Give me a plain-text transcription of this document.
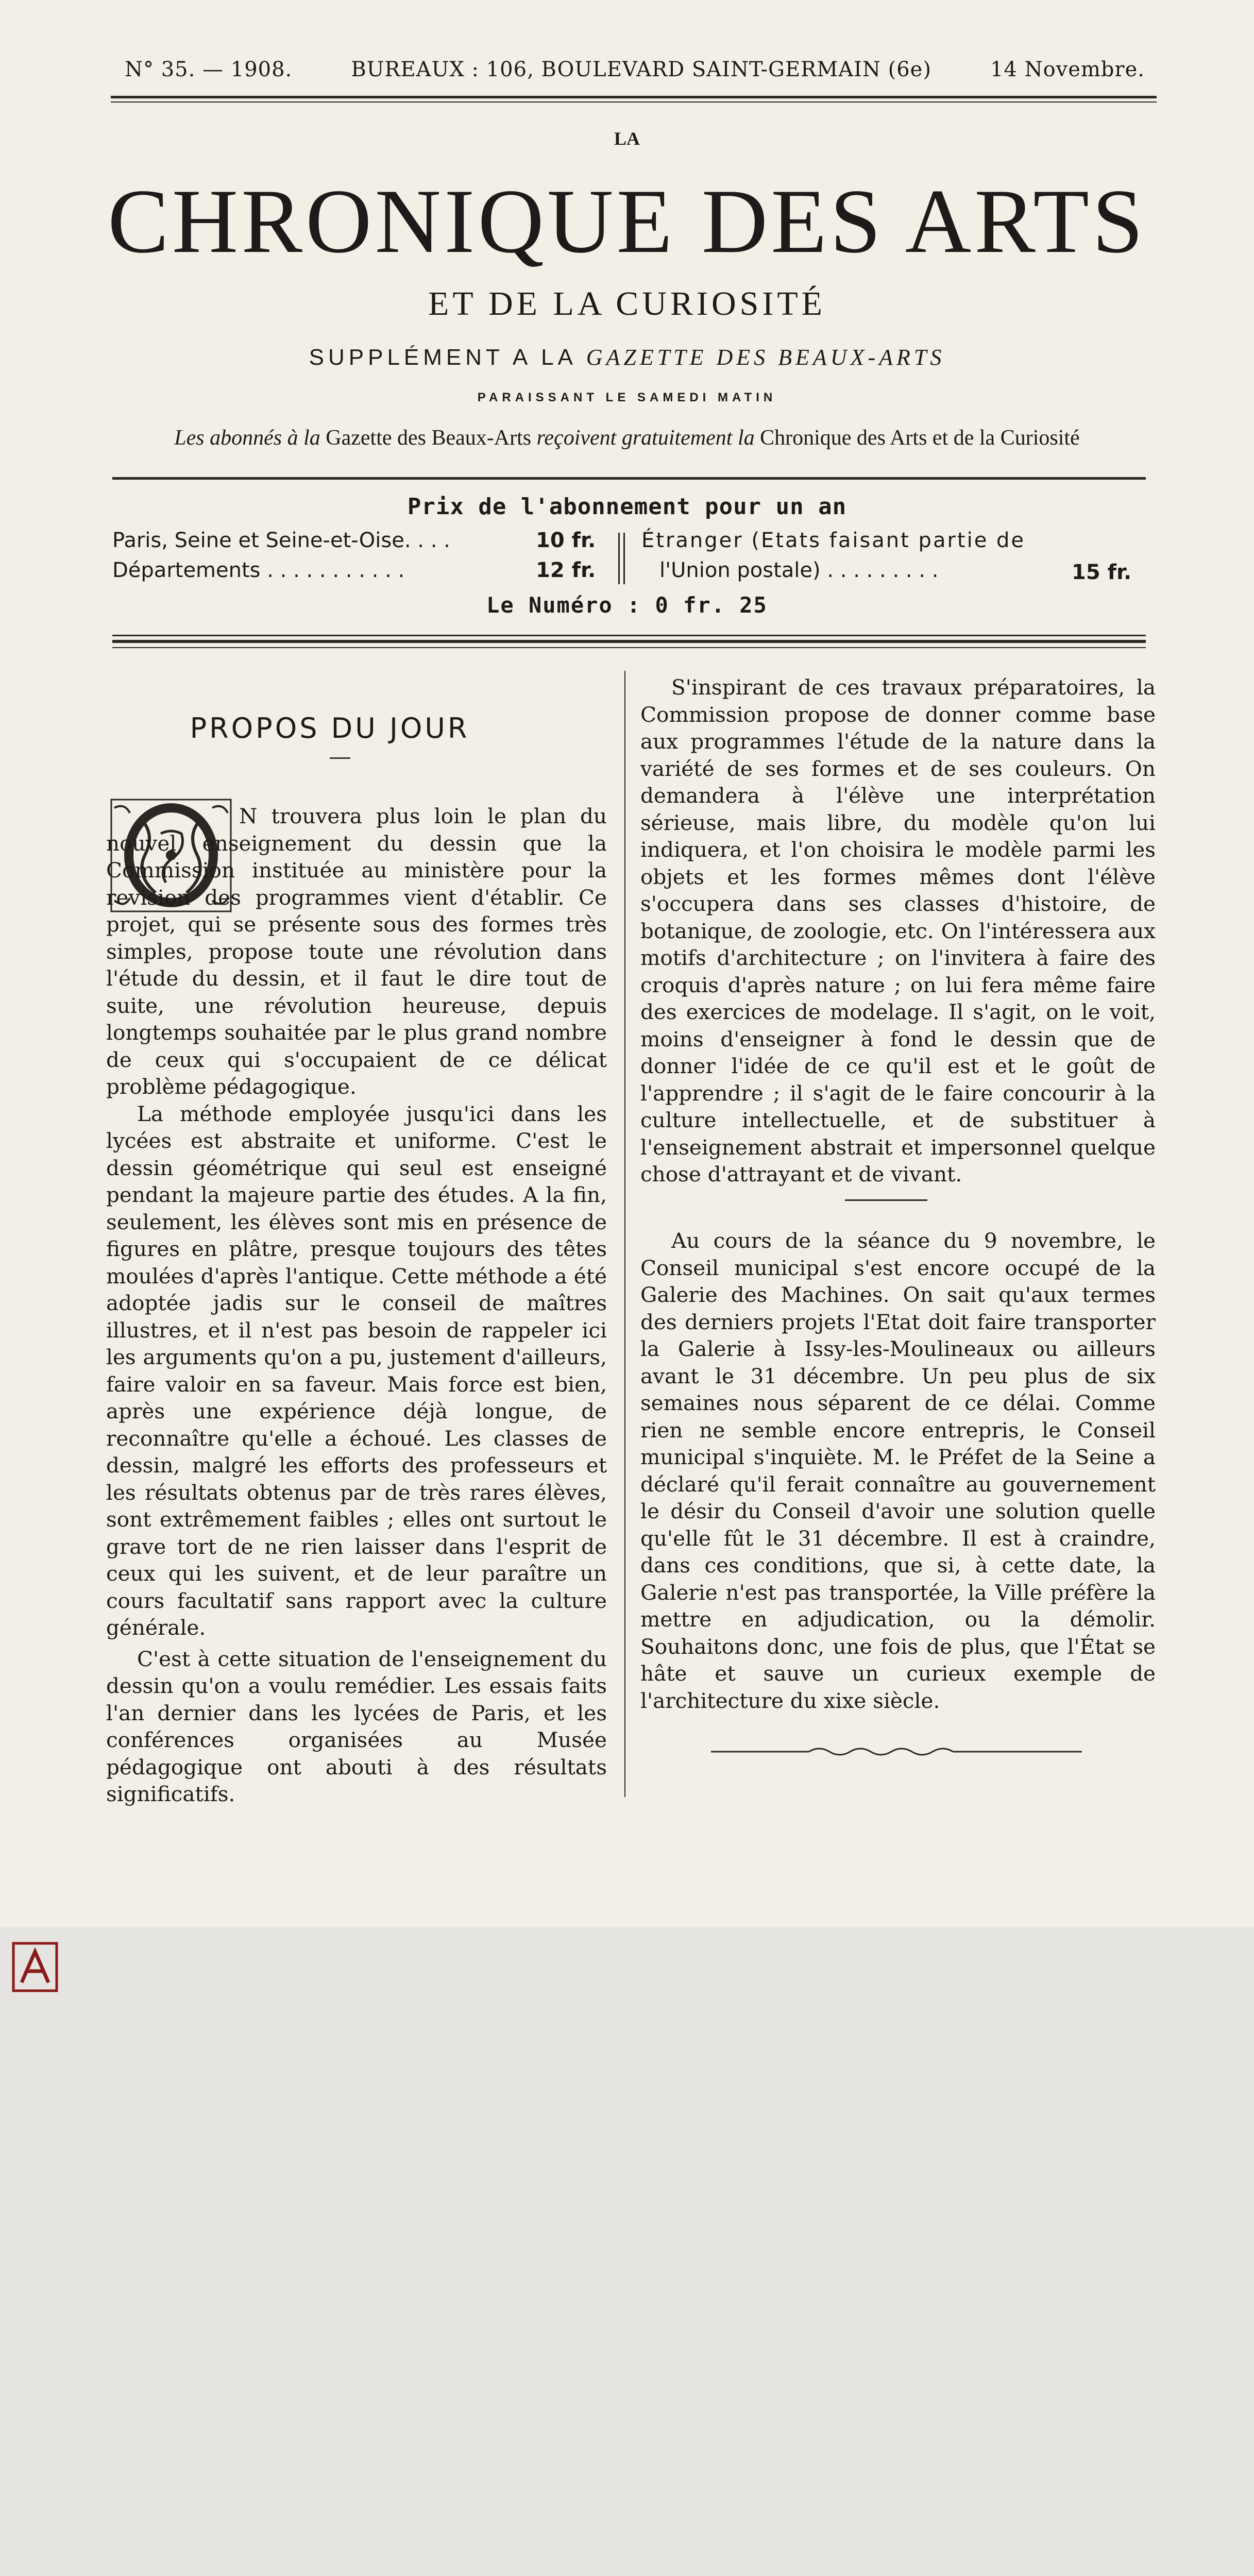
N° 35. — 1908.	BUREAUX : 106, BOULEVARD SAINT-GERMAIN (6e)	14 Novembre.
LA
CHRONIQUE DES ARTS
ET DE LA CURIOSITÉ
SUPPLÉMENT A LA GAZETTE DES BEAUX-ARTS
PARAISSANT LE SAMEDI MATIN
Les abonnés à la Gazette des Beaux-Arts reçoivent gratuitement la Chronique des Arts et de la Curiosité
Prix de l'abonnement pour un an
Paris, Seine et Seine-et-Oise. . . .	10 fr.
Départements . . . . . . . . . . .	12 fr.
Étranger (Etats faisant partie de
l'Union postale) . . . . . . . . .	15 fr.
Le Numéro : 0 fr. 25
PROPOS DU JOUR

N trouvera plus loin le plan du nouvel enseignement du dessin que la Commission instituée au ministère pour la revision des programmes vient d'établir. Ce projet, qui se présente sous des formes très simples, propose toute une révolution dans l'étude du dessin, et il faut le dire tout de suite, une révolution heureuse, depuis longtemps souhaitée par le plus grand nombre de ceux qui s'occupaient de ce délicat problème pédagogique.

La méthode employée jusqu'ici dans les lycées est abstraite et uniforme. C'est le dessin géométrique qui seul est enseigné pendant la majeure partie des études. A la fin, seulement, les élèves sont mis en présence de figures en plâtre, presque toujours des têtes moulées d'après l'antique. Cette méthode a été adoptée jadis sur le conseil de maîtres illustres, et il n'est pas besoin de rappeler ici les arguments qu'on a pu, justement d'ailleurs, faire valoir en sa faveur. Mais force est bien, après une expérience déjà longue, de reconnaître qu'elle a échoué. Les classes de dessin, malgré les efforts des professeurs et les résultats obtenus par de très rares élèves, sont extrêmement faibles ; elles ont surtout le grave tort de ne rien laisser dans l'esprit de ceux qui les suivent, et de leur paraître un cours facultatif sans rapport avec la culture générale.

C'est à cette situation de l'enseignement du dessin qu'on a voulu remédier. Les essais faits l'an dernier dans les lycées de Paris, et les conférences organisées au Musée pédagogique ont abouti à des résultats significatifs.

S'inspirant de ces travaux préparatoires, la Commission propose de donner comme base aux programmes l'étude de la nature dans la variété de ses formes et de ses couleurs. On demandera à l'élève une interprétation sérieuse, mais libre, du modèle qu'on lui indiquera, et l'on choisira le modèle parmi les objets et les formes mêmes dont l'élève s'occupera dans ses classes d'histoire, de botanique, de zoologie, etc. On l'intéressera aux motifs d'architecture ; on l'invitera à faire des croquis d'après nature ; on lui fera même faire des exercices de modelage. Il s'agit, on le voit, moins d'enseigner à fond le dessin que de donner l'idée de ce qu'il est et le goût de l'apprendre ; il s'agit de le faire concourir à la culture intellectuelle, et de substituer à l'enseignement abstrait et impersonnel quelque chose d'attrayant et de vivant.

Au cours de la séance du 9 novembre, le Conseil municipal s'est encore occupé de la Galerie des Machines. On sait qu'aux termes des derniers projets l'Etat doit faire transporter la Galerie à Issy-les-Moulineaux ou ailleurs avant le 31 décembre. Un peu plus de six semaines nous séparent de ce délai. Comme rien ne semble encore entrepris, le Conseil municipal s'inquiète. M. le Préfet de la Seine a déclaré qu'il ferait connaître au gouvernement le désir du Conseil d'avoir une solution quelle qu'elle fût le 31 décembre. Il est à craindre, dans ces conditions, que si, à cette date, la Galerie n'est pas transportée, la Ville préfère la mettre en adjudication, ou la démolir. Souhaitons donc, une fois de plus, que l'État se hâte et sauve un curieux exemple de l'architecture du xixe siècle.
